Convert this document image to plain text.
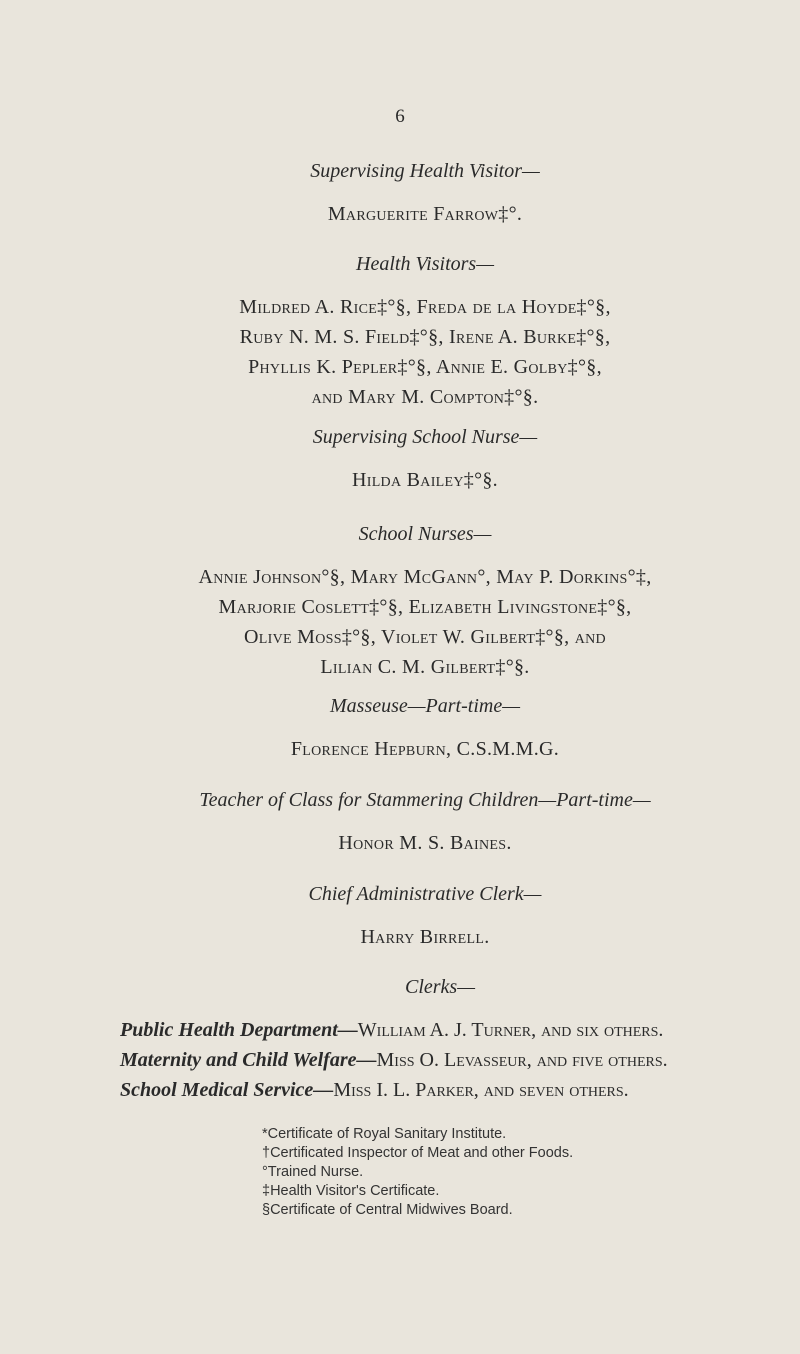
6
Supervising Health Visitor—
Marguerite Farrow‡°.
Health Visitors—
Mildred A. Rice‡°§, Freda de la Hoyde‡°§,
Ruby N. M. S. Field‡°§, Irene A. Burke‡°§,
Phyllis K. Pepler‡°§, Annie E. Golby‡°§,
and Mary M. Compton‡°§.
Supervising School Nurse—
Hilda Bailey‡°§.
School Nurses—
Annie Johnson°§, Mary McGann°, May P. Dorkins°‡,
Marjorie Coslett‡°§, Elizabeth Livingstone‡°§,
Olive Moss‡°§, Violet W. Gilbert‡°§, and
Lilian C. M. Gilbert‡°§.
Masseuse—Part-time—
Florence Hepburn, C.S.M.M.G.
Teacher of Class for Stammering Children—Part-time—
Honor M. S. Baines.
Chief Administrative Clerk—
Harry Birrell.
Clerks—
Public Health Department—William A. J. Turner, and six others.
Maternity and Child Welfare—Miss O. Levasseur, and five others.
School Medical Service—Miss I. L. Parker, and seven others.

*Certificate of Royal Sanitary Institute.

†Certificated Inspector of Meat and other Foods.

°Trained Nurse.

‡Health Visitor's Certificate.

§Certificate of Central Midwives Board.
